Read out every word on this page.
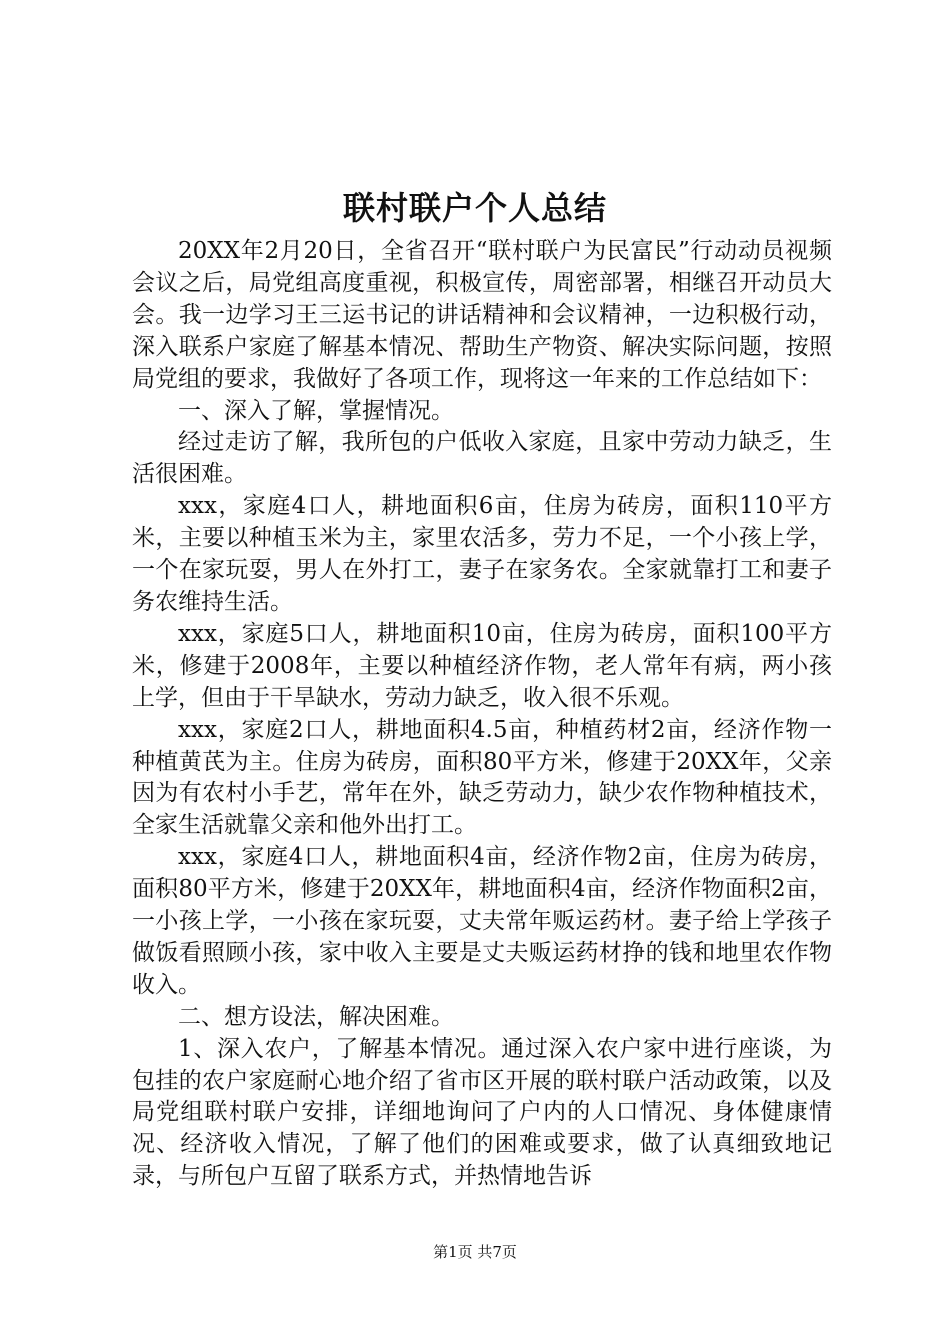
联村联户个人总结

20XX年2月20日，全省召开“联村联户为民富民”行动动员视频会议之后，局党组高度重视，积极宣传，周密部署，相继召开动员大会。我一边学习王三运书记的讲话精神和会议精神，一边积极行动，深入联系户家庭了解基本情况、帮助生产物资、解决实际问题，按照局党组的要求，我做好了各项工作，现将这一年来的工作总结如下：

一、深入了解，掌握情况。

经过走访了解，我所包的户低收入家庭，且家中劳动力缺乏，生活很困难。

xxx，家庭4口人，耕地面积6亩，住房为砖房，面积110平方米，主要以种植玉米为主，家里农活多，劳力不足，一个小孩上学，一个在家玩耍，男人在外打工，妻子在家务农。全家就靠打工和妻子务农维持生活。

xxx，家庭5口人，耕地面积10亩，住房为砖房，面积100平方米，修建于2008年，主要以种植经济作物，老人常年有病，两小孩上学，但由于干旱缺水，劳动力缺乏，收入很不乐观。

xxx，家庭2口人，耕地面积4.5亩，种植药材2亩，经济作物一种植黄芪为主。住房为砖房，面积80平方米，修建于20XX年，父亲因为有农村小手艺，常年在外，缺乏劳动力，缺少农作物种植技术，全家生活就靠父亲和他外出打工。

xxx，家庭4口人，耕地面积4亩，经济作物2亩，住房为砖房，面积80平方米，修建于20XX年，耕地面积4亩，经济作物面积2亩，一小孩上学，一小孩在家玩耍，丈夫常年贩运药材。妻子给上学孩子做饭看照顾小孩，家中收入主要是丈夫贩运药材挣的钱和地里农作物收入。

二、想方设法，解决困难。

1、深入农户，了解基本情况。通过深入农户家中进行座谈，为包挂的农户家庭耐心地介绍了省市区开展的联村联户活动政策，以及局党组联村联户安排，详细地询问了户内的人口情况、身体健康情况、经济收入情况，了解了他们的困难或要求，做了认真细致地记录，与所包户互留了联系方式，并热情地告诉

第1页 共7页
